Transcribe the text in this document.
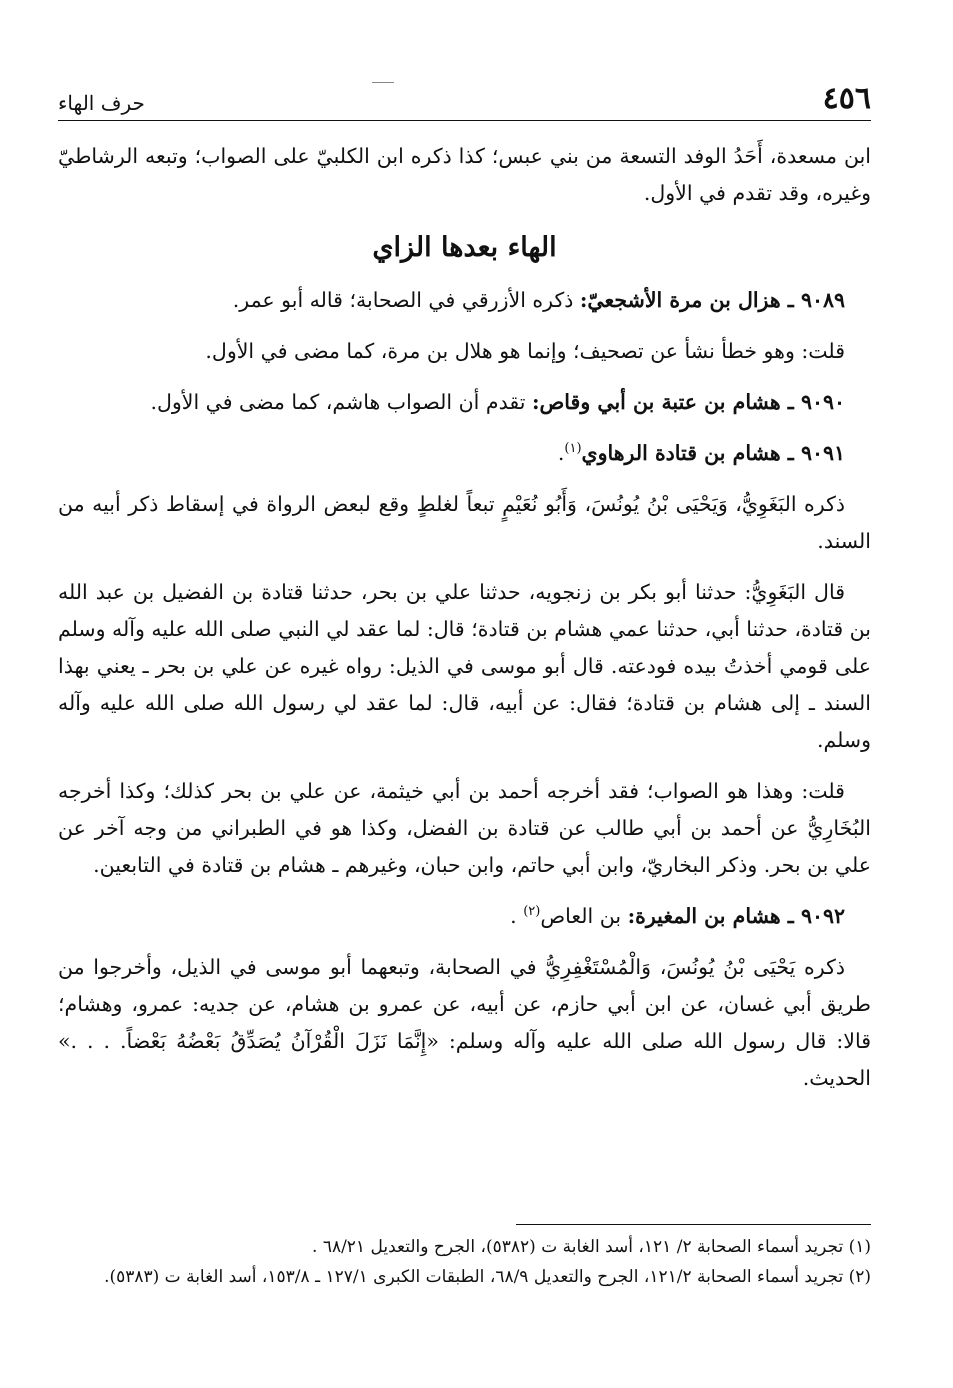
٤٥٦
حرف الهاء

ابن مسعدة، أَحَدُ الوفد التسعة من بني عبس؛ كذا ذكره ابن الكلبيّ على الصواب؛ وتبعه الرشاطيّ وغيره، وقد تقدم في الأول.

الهاء بعدها الزاي

٩٠٨٩ ـ هزال بن مرة الأشجعيّ: ذكره الأزرقي في الصحابة؛ قاله أبو عمر.

قلت: وهو خطأ نشأ عن تصحيف؛ وإنما هو هلال بن مرة، كما مضى في الأول.

٩٠٩٠ ـ هشام بن عتبة بن أبي وقاص: تقدم أن الصواب هاشم، كما مضى في الأول.

٩٠٩١ ـ هشام بن قتادة الرهاوي$^{(١)}$.

ذكره البَغَوِيُّ، وَيَحْيَى بْنُ يُونُسَ، وَأَبُو نُعَيْمٍ تبعاً لغلطٍ وقع لبعض الرواة في إسقاط ذكر أبيه من السند.

قال البَغَوِيُّ: حدثنا أبو بكر بن زنجويه، حدثنا علي بن بحر، حدثنا قتادة بن الفضيل بن عبد الله بن قتادة، حدثنا أبي، حدثنا عمي هشام بن قتادة؛ قال: لما عقد لي النبي صلى الله عليه وآله وسلم على قومي أخذتُ بيده فودعته. قال أبو موسى في الذيل: رواه غيره عن علي بن بحر ـ يعني بهذا السند ـ إلى هشام بن قتادة؛ فقال: عن أبيه، قال: لما عقد لي رسول الله صلى الله عليه وآله وسلم.

قلت: وهذا هو الصواب؛ فقد أخرجه أحمد بن أبي خيثمة، عن علي بن بحر كذلك؛ وكذا أخرجه البُخَارِيُّ عن أحمد بن أبي طالب عن قتادة بن الفضل، وكذا هو في الطبراني من وجه آخر عن علي بن بحر. وذكر البخاريّ، وابن أبي حاتم، وابن حبان، وغيرهم ـ هشام بن قتادة في التابعين.

٩٠٩٢ ـ هشام بن المغيرة: بن العاص$^{(٢)}$ .

ذكره يَحْيَى بْنُ يُونُسَ، وَالْمُسْتَغْفِرِيُّ في الصحابة، وتبعهما أبو موسى في الذيل، وأخرجوا من طريق أبي غسان، عن ابن أبي حازم، عن أبيه، عن عمرو بن هشام، عن جديه: عمرو، وهشام؛ قالا: قال رسول الله صلى الله عليه وآله وسلم: «إِنَّمَا نَزَلَ الْقُرْآنُ يُصَدِّقُ بَعْضُهُ بَعْضاً. . . .» الحديث.

(١) تجريد أسماء الصحابة ٢/ ١٢١، أسد الغابة ت (٥٣٨٢)، الجرح والتعديل ٦٨/٢١ .

(٢) تجريد أسماء الصحابة ١٢١/٢، الجرح والتعديل ٦٨/٩، الطبقات الكبرى ١٢٧/١ ـ ١٥٣/٨، أسد الغابة ت (٥٣٨٣).
